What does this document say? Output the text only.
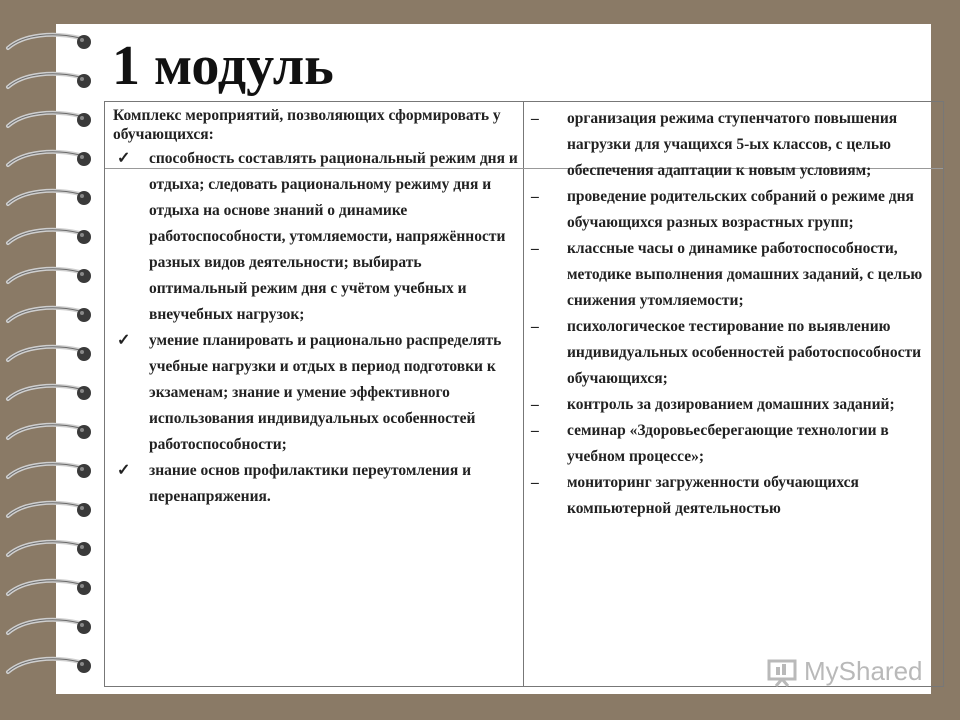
1 модуль

Комплекс мероприятий, позволяющих сформировать у обучающихся:

✓ способность составлять рациональный режим дня и отдыха; следовать рациональному режиму дня и отдыха на основе знаний о динамике работоспособности, утомляемости, напряжённости разных видов деятельности; выбирать оптимальный режим дня с учётом учебных и внеучебных нагрузок;
✓ умение планировать и рационально распределять учебные нагрузки и отдых в период подготовки к экзаменам; знание и умение эффективного использования индивидуальных особенностей работоспособности;
✓ знание основ профилактики переутомления и перенапряжения.
– организация режима ступенчатого повышения нагрузки для учащихся 5-ых классов, с целью обеспечения адаптации к новым условиям;
– проведение родительских собраний о режиме дня обучающихся разных возрастных групп;
– классные часы о динамике работоспособности, методике выполнения домашних заданий, с целью снижения утомляемости;
– психологическое тестирование по выявлению индивидуальных особенностей работоспособности обучающихся;
– контроль за дозированием домашних заданий;
– семинар «Здоровьесберегающие технологии в учебном процессе»;
– мониторинг загруженности обучающихся компьютерной деятельностью
MyShared
